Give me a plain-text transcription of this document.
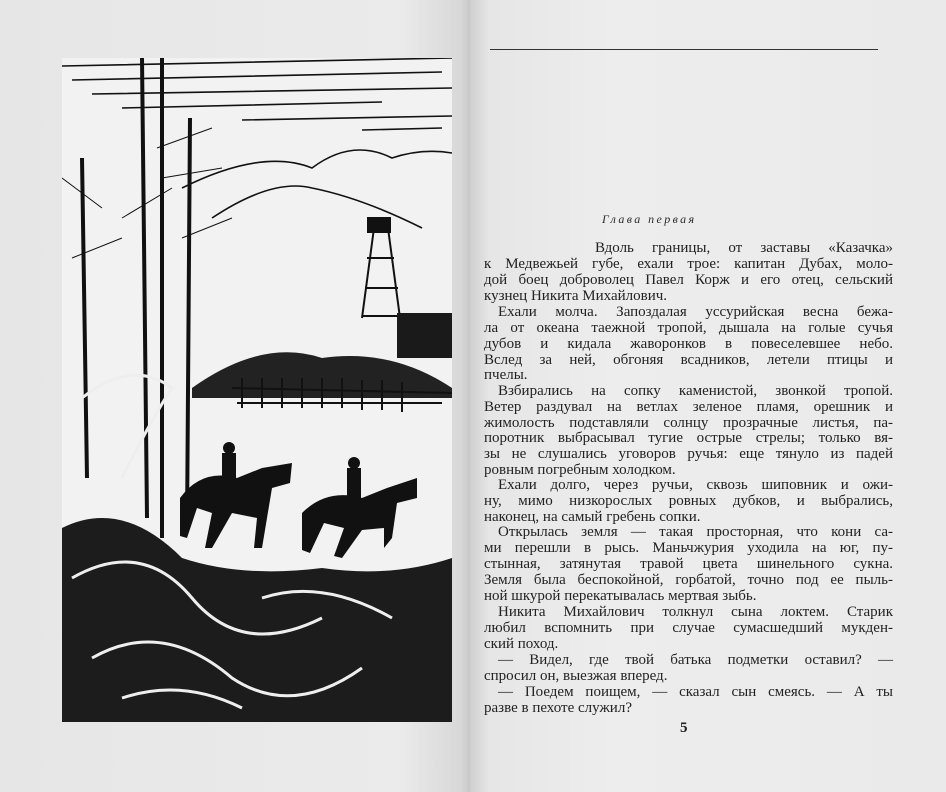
Глава первая
Вдоль границы, от заставы «Казачка»
к Медвежьей губе, ехали трое: капитан Дубах, моло-
дой боец доброволец Павел Корж и его отец, сельский
кузнец Никита Михайлович.
Ехали молча. Запоздалая уссурийская весна бежа-
ла от океана таежной тропой, дышала на голые сучья
дубов и кидала жаворонков в повеселевшее небо.
Вслед за ней, обгоняя всадников, летели птицы и
пчелы.
Взбирались на сопку каменистой, звонкой тропой.
Ветер раздувал на ветлах зеленое пламя, орешник и
жимолость подставляли солнцу прозрачные листья, па-
поротник выбрасывал тугие острые стрелы; только вя-
зы не слушались уговоров ручья: еще тянуло из падей
ровным погребным холодком.
Ехали долго, через ручьи, сквозь шиповник и ожи-
ну, мимо низкорослых ровных дубков, и выбрались,
наконец, на самый гребень сопки.
Открылась земля — такая просторная, что кони са-
ми перешли в рысь. Маньчжурия уходила на юг, пу-
стынная, затянутая травой цвета шинельного сукна.
Земля была беспокойной, горбатой, точно под ее пыль-
ной шкурой перекатывалась мертвая зыбь.
Никита Михайлович толкнул сына локтем. Старик
любил вспомнить при случае сумасшедший мукден-
ский поход.
— Видел, где твой батька подметки оставил? —
спросил он, выезжая вперед.
— Поедем поищем, — сказал сын смеясь. — А ты
разве в пехоте служил?
5
